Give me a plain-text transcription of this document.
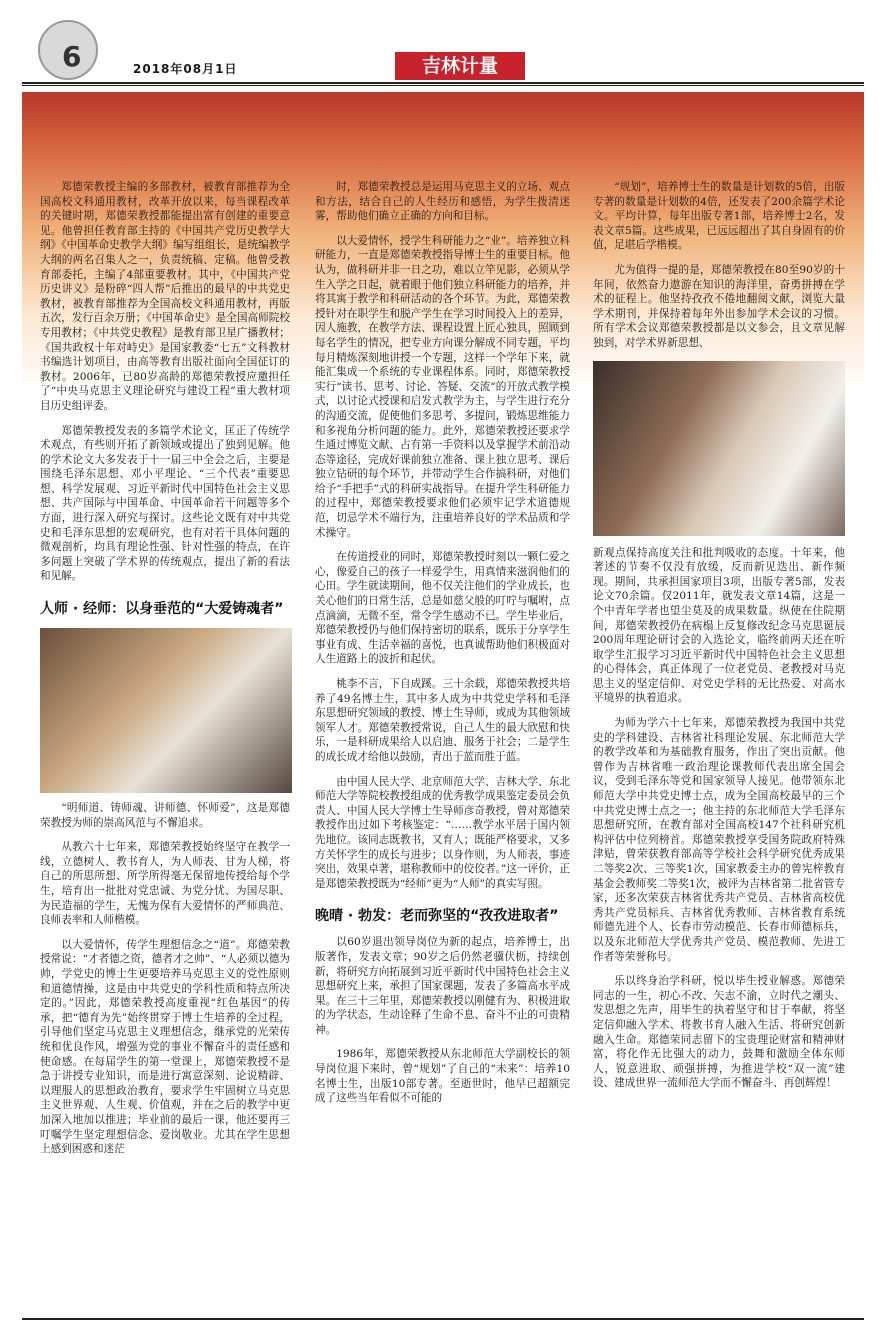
6	2018年08月1日	吉林计量

郑德荣教授主编的多部教材，被教育部推荐为全国高校文科通用教材，改革开放以来，每当课程改革的关键时期，郑德荣教授都能提出富有创建的重要意见。他曾担任教育部主持的《中国共产党历史教学大纲》《中国革命史教学大纲》编写组组长，是统编教学大纲的两名召集人之一，负责统稿、定稿。他曾受教育部委托，主编了4部重要教材。其中，《中国共产党历史讲义》是粉碎“四人帮”后推出的最早的中共党史教材，被教育部推荐为全国高校文科通用教材，再版五次，发行百余万册；《中国革命史》是全国高师院校专用教材；《中共党史教程》是教育部卫星广播教材；《国共政权十年对峙史》是国家教委“七五”文科教材书编选计划项目，由高等教育出版社面向全国征订的教材。2006年，已80岁高龄的郑德荣教授应邀担任了“中央马克思主义理论研究与建设工程”重大教材项目历史组评委。

郑德荣教授发表的多篇学术论文，匡正了传统学术观点，有些则开拓了新领域或提出了独到见解。他的学术论文大多发表于十一届三中全会之后，主要是围绕毛泽东思想、邓小平理论、“三个代表”重要思想、科学发展观、习近平新时代中国特色社会主义思想、共产国际与中国革命、中国革命若干问题等多个方面，进行深入研究与探讨。这些论文既有对中共党史和毛泽东思想的宏观研究，也有对若干具体问题的微观剖析，均具有理论性强、针对性强的特点，在许多问题上突破了学术界的传统观点，提出了新的看法和见解。

人师 · 经师：以身垂范的“大爱铸魂者”

“明师道、铸师魂、讲师德、怀师爱”，这是郑德荣教授为师的崇高风范与不懈追求。

从教六十七年来，郑德荣教授始终坚守在教学一线，立德树人、教书育人，为人师表、甘为人梯，将自己的所思所想、所学所得毫无保留地传授给每个学生，培育出一批批对党忠诚、为党分忧、为国尽职、为民造福的学生，无愧为保有大爱情怀的严师典范、良师表率和人师楷模。

以大爱情怀，传学生理想信念之“道”。郑德荣教授常说：“才者德之资，德者才之帅”、“人必须以德为帅，学党史的博士生更要培养马克思主义的党性原则和道德情操，这是由中共党史的学科性质和特点所决定的。”因此，郑德荣教授高度重视“红色基因”的传承，把“德育为先”始终贯穿于博士生培养的全过程，引导他们坚定马克思主义理想信念，继承党的光荣传统和优良作风，增强为党的事业不懈奋斗的责任感和使命感。在每届学生的第一堂课上，郑德荣教授不是急于讲授专业知识，而是进行寓意深刻、论说精辟、以理服人的思想政治教育，要求学生牢固树立马克思主义世界观、人生观、价值观，并在之后的教学中更加深入地加以推进；毕业前的最后一课，他还要再三叮嘱学生坚定理想信念、爱岗敬业。尤其在学生思想上感到困惑和迷茫

时，郑德荣教授总是运用马克思主义的立场、观点和方法，结合自己的人生经历和感悟，为学生拨清迷雾，帮助他们确立正确的方向和目标。

以大爱情怀，授学生科研能力之“业”。培养独立科研能力，一直是郑德荣教授指导博士生的重要目标。他认为，做科研并非一日之功，难以立竿见影，必须从学生入学之日起，就着眼于他们独立科研能力的培养，并将其寓于教学和科研活动的各个环节。为此，郑德荣教授针对在职学生和脱产学生在学习时间投入上的差异，因人施教，在教学方法、课程设置上匠心独具，照顾到每名学生的情况，把专业方向课分解成不同专题，平均每月精炼深刻地讲授一个专题，这样一个学年下来，就能汇集成一个系统的专业课程体系。同时，郑德荣教授实行“读书、思考、讨论、答疑、交流”的开放式教学模式，以讨论式授课和启发式教学为主，与学生进行充分的沟通交流，促使他们多思考、多提问，锻炼思维能力和多视角分析问题的能力。此外，郑德荣教授还要求学生通过博览文献、占有第一手资料以及掌握学术前沿动态等途径，完成好课前独立准备、课上独立思考、课后独立钻研的每个环节，并带动学生合作搞科研，对他们给予“手把手”式的科研实战指导。在提升学生科研能力的过程中，郑德荣教授要求他们必须牢记学术道德规范，切忌学术不端行为，注重培养良好的学术品质和学术操守。

在传道授业的同时，郑德荣教授时刻以一颗仁爱之心，像爱自己的孩子一样爱学生，用真情来滋润他们的心田。学生就读期间，他不仅关注他们的学业成长，也关心他们的日常生活，总是如慈父般的叮咛与嘱咐，点点滴滴，无微不至，常令学生感动不已。学生毕业后，郑德荣教授仍与他们保持密切的联系，既乐于分享学生事业有成、生活幸福的喜悦，也真诚帮助他们积极面对人生道路上的波折和起伏。

桃李不言，下自成蹊。三十余载，郑德荣教授共培养了49名博士生，其中多人成为中共党史学科和毛泽东思想研究领域的教授、博士生导师，或成为其他领域领军人才。郑德荣教授常说，自己人生的最大欣慰和快乐，一是科研成果给人以启迪、服务于社会；二是学生的成长成才给他以鼓励，青出于蓝而胜于蓝。

由中国人民大学、北京师范大学、吉林大学、东北师范大学等院校教授组成的优秀教学成果鉴定委员会负责人、中国人民大学博士生导师彦奇教授，曾对郑德荣教授作出过如下考核鉴定：“……教学水平居于国内领先地位。该同志既教书，又育人；既能严格要求，又多方关怀学生的成长与进步；以身作则，为人师表，事迹突出，效果卓著，堪称教师中的佼佼者。”这一评价，正是郑德荣教授既为“经师”更为“人师”的真实写照。

晚晴 · 勃发：老而弥坚的“孜孜进取者”

以60岁退出领导岗位为新的起点，培养博士，出版著作，发表文章；90岁之后仍然老骥伏枥，持续创新，将研究方向拓展到习近平新时代中国特色社会主义思想研究上来，承担了国家课题，发表了多篇高水平成果。在三十三年里，郑德荣教授以刚健有为、积极进取的为学状态，生动诠释了生命不息、奋斗不止的可贵精神。

1986年，郑德荣教授从东北师范大学副校长的领导岗位退下来时，曾“规划”了自己的“未来”：培养10名博士生，出版10部专著。至逝世时，他早已超额完成了这些当年看似不可能的

“规划”，培养博士生的数量是计划数的5倍，出版专著的数量是计划数的4倍，还发表了200余篇学术论文。平均计算，每年出版专著1部，培养博士2名，发表文章5篇。这些成果，已远远超出了其自身固有的价值，足堪后学楷模。

尤为值得一提的是，郑德荣教授在80至90岁的十年间，依然奋力遨游在知识的海洋里，奋勇拼搏在学术的征程上。他坚持孜孜不倦地翻阅文献，浏览大量学术期刊，并保持着每年外出参加学术会议的习惯。所有学术会议郑德荣教授都是以文参会，且文章见解独到，对学术界新思想、

新观点保持高度关注和批判吸收的态度。十年来，他著述的节奏不仅没有放缓，反而新见迭出、新作频现。期间，共承担国家项目3项，出版专著5部，发表论文70余篇。仅2011年，就发表文章14篇，这是一个中青年学者也望尘莫及的成果数量。纵使在住院期间，郑德荣教授仍在病榻上反复修改纪念马克思诞辰200周年理论研讨会的入选论文，临终前两天还在听取学生汇报学习习近平新时代中国特色社会主义思想的心得体会，真正体现了一位老党员、老教授对马克思主义的坚定信仰、对党史学科的无比热爱、对高水平境界的执着追求。

为师为学六十七年来，郑德荣教授为我国中共党史的学科建设、吉林省社科理论发展、东北师范大学的教学改革和为基础教育服务，作出了突出贡献。他曾作为吉林省唯一政治理论课教师代表出席全国会议，受到毛泽东等党和国家领导人接见。他带领东北师范大学中共党史博士点，成为全国高校最早的三个中共党史博士点之一；他主持的东北师范大学毛泽东思想研究所，在教育部对全国高校147个社科研究机构评估中位列榜首。郑德荣教授享受国务院政府特殊津贴，曾荣获教育部高等学校社会科学研究优秀成果二等奖2次、三等奖1次，国家教委主办的曾宪梓教育基金会教师奖二等奖1次，被评为吉林省第二批省管专家，还多次荣获吉林省优秀共产党员、吉林省高校优秀共产党员标兵、吉林省优秀教师、吉林省教育系统师德先进个人、长春市劳动模范、长春市师德标兵，以及东北师范大学优秀共产党员、模范教师、先进工作者等荣誉称号。

乐以终身治学科研，悦以毕生授业解惑。郑德荣同志的一生，初心不改、矢志不渝，立时代之潮头、发思想之先声，用毕生的执着坚守和甘于奉献，将坚定信仰融入学术、将教书育人融入生活、将研究创新融入生命。郑德荣同志留下的宝贵理论财富和精神财富，将化作无比强大的动力，鼓舞和激励全体东师人，锐意进取、顽强拼搏，为推进学校“双一流”建设、建成世界一流师范大学而不懈奋斗、再创辉煌！
